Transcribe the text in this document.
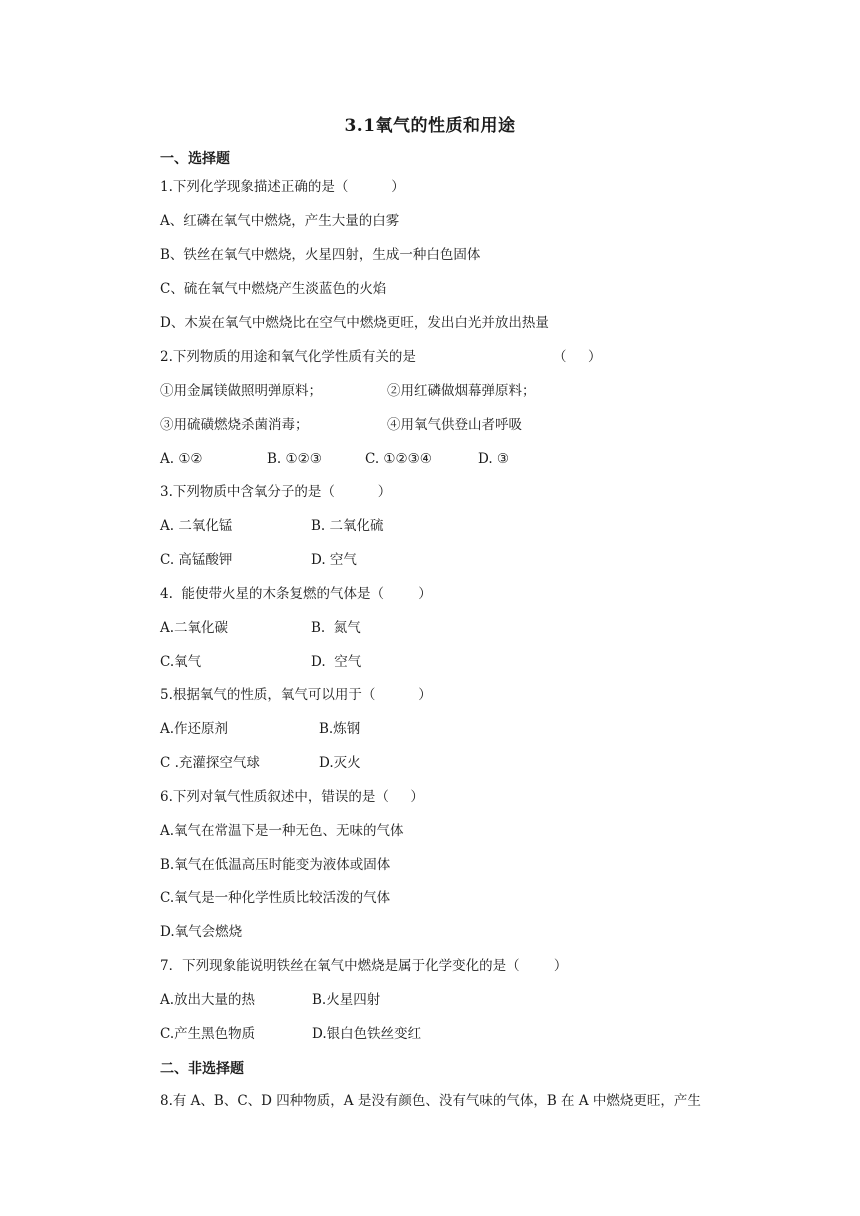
3.1氧气的性质和用途
一、选择题
1.下列化学现象描述正确的是（          ）
A、红磷在氧气中燃烧，产生大量的白雾
B、铁丝在氧气中燃烧，火星四射，生成一种白色固体
C、硫在氧气中燃烧产生淡蓝色的火焰
D、木炭在氧气中燃烧比在空气中燃烧更旺，发出白光并放出热量
2.下列物质的用途和氧气化学性质有关的是	（     ）
①用金属镁做照明弹原料；	②用红磷做烟幕弹原料；
③用硫磺燃烧杀菌消毒；	④用氧气供登山者呼吸
A. ①②	B. ①②③	C. ①②③④	D. ③
3.下列物质中含氧分子的是（          ）
A. 二氧化锰	B. 二氧化硫
C. 高锰酸钾	D. 空气
4.  能使带火星的木条复燃的气体是（        ）
A.二氧化碳	B.  氮气
C.氧气	D.  空气
5.根据氧气的性质，氧气可以用于（          ）
A.作还原剂	B.炼钢
C .充灌探空气球	D.灭火
6.下列对氧气性质叙述中，错误的是（     ）
A.氧气在常温下是一种无色、无味的气体
B.氧气在低温高压时能变为液体或固体
C.氧气是一种化学性质比较活泼的气体
D.氧气会燃烧
7．下列现象能说明铁丝在氧气中燃烧是属于化学变化的是（        ）
A.放出大量的热	B.火星四射
C.产生黑色物质	D.银白色铁丝变红
二、非选择题
8.有 A、B、C、D 四种物质，A 是没有颜色、没有气味的气体，B 在 A 中燃烧更旺，产生
